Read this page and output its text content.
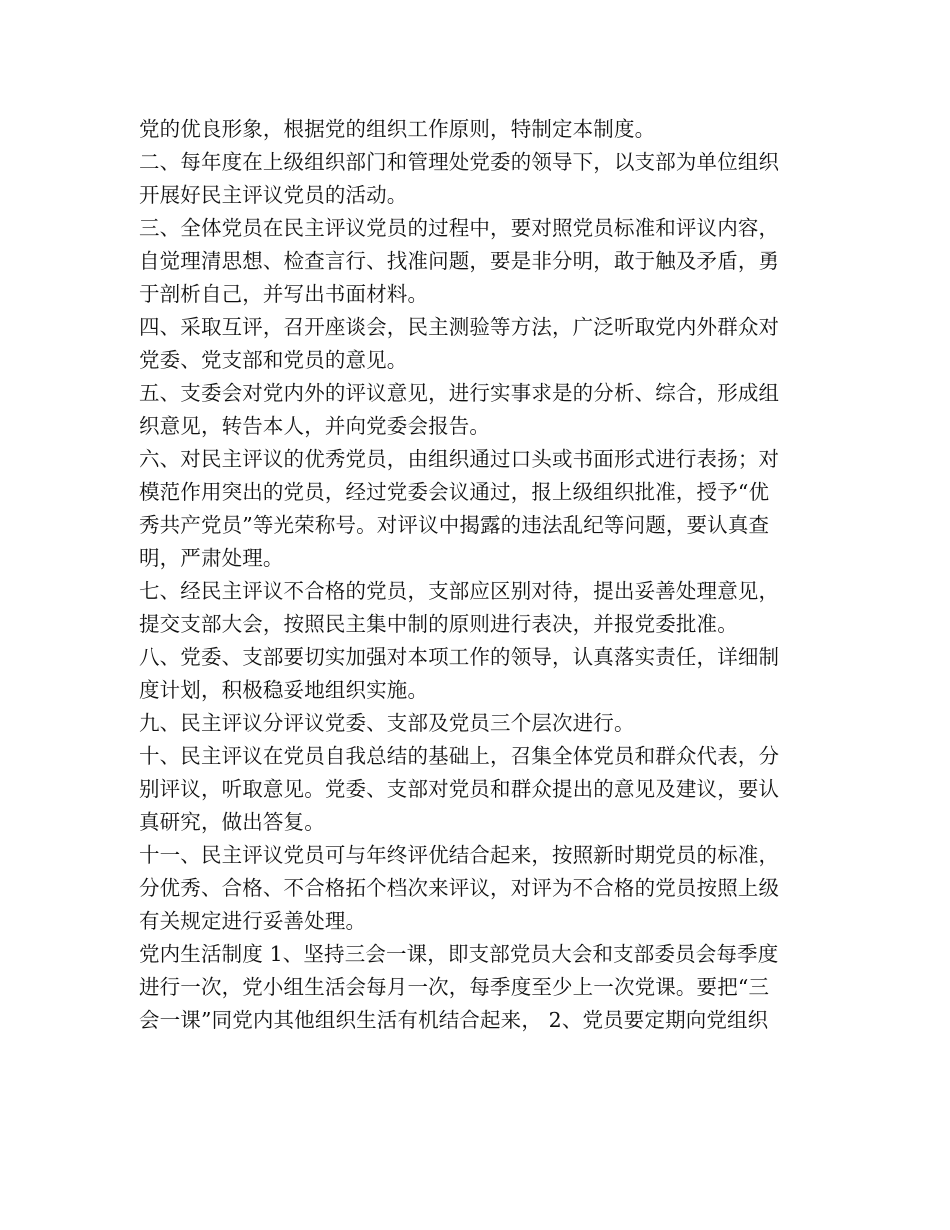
党的优良形象，根据党的组织工作原则，特制定本制度。
二、每年度在上级组织部门和管理处党委的领导下，以支部为单位组织
开展好民主评议党员的活动。
三、全体党员在民主评议党员的过程中，要对照党员标准和评议内容，
自觉理清思想、检查言行、找准问题，要是非分明，敢于触及矛盾，勇
于剖析自己，并写出书面材料。
四、采取互评，召开座谈会，民主测验等方法，广泛听取党内外群众对
党委、党支部和党员的意见。
五、支委会对党内外的评议意见，进行实事求是的分析、综合，形成组
织意见，转告本人，并向党委会报告。
六、对民主评议的优秀党员，由组织通过口头或书面形式进行表扬；对
模范作用突出的党员，经过党委会议通过，报上级组织批准，授予“优
秀共产党员”等光荣称号。对评议中揭露的违法乱纪等问题，要认真查
明，严肃处理。
七、经民主评议不合格的党员，支部应区别对待，提出妥善处理意见，
提交支部大会，按照民主集中制的原则进行表决，并报党委批准。
八、党委、支部要切实加强对本项工作的领导，认真落实责任，详细制
度计划，积极稳妥地组织实施。
九、民主评议分评议党委、支部及党员三个层次进行。
十、民主评议在党员自我总结的基础上，召集全体党员和群众代表，分
别评议，听取意见。党委、支部对党员和群众提出的意见及建议，要认
真研究，做出答复。
十一、民主评议党员可与年终评优结合起来，按照新时期党员的标准，
分优秀、合格、不合格拓个档次来评议，对评为不合格的党员按照上级
有关规定进行妥善处理。
党内生活制度 1、坚持三会一课，即支部党员大会和支部委员会每季度
进行一次，党小组生活会每月一次，每季度至少上一次党课。要把“三
会一课”同党内其他组织生活有机结合起来， 2、党员要定期向党组织
